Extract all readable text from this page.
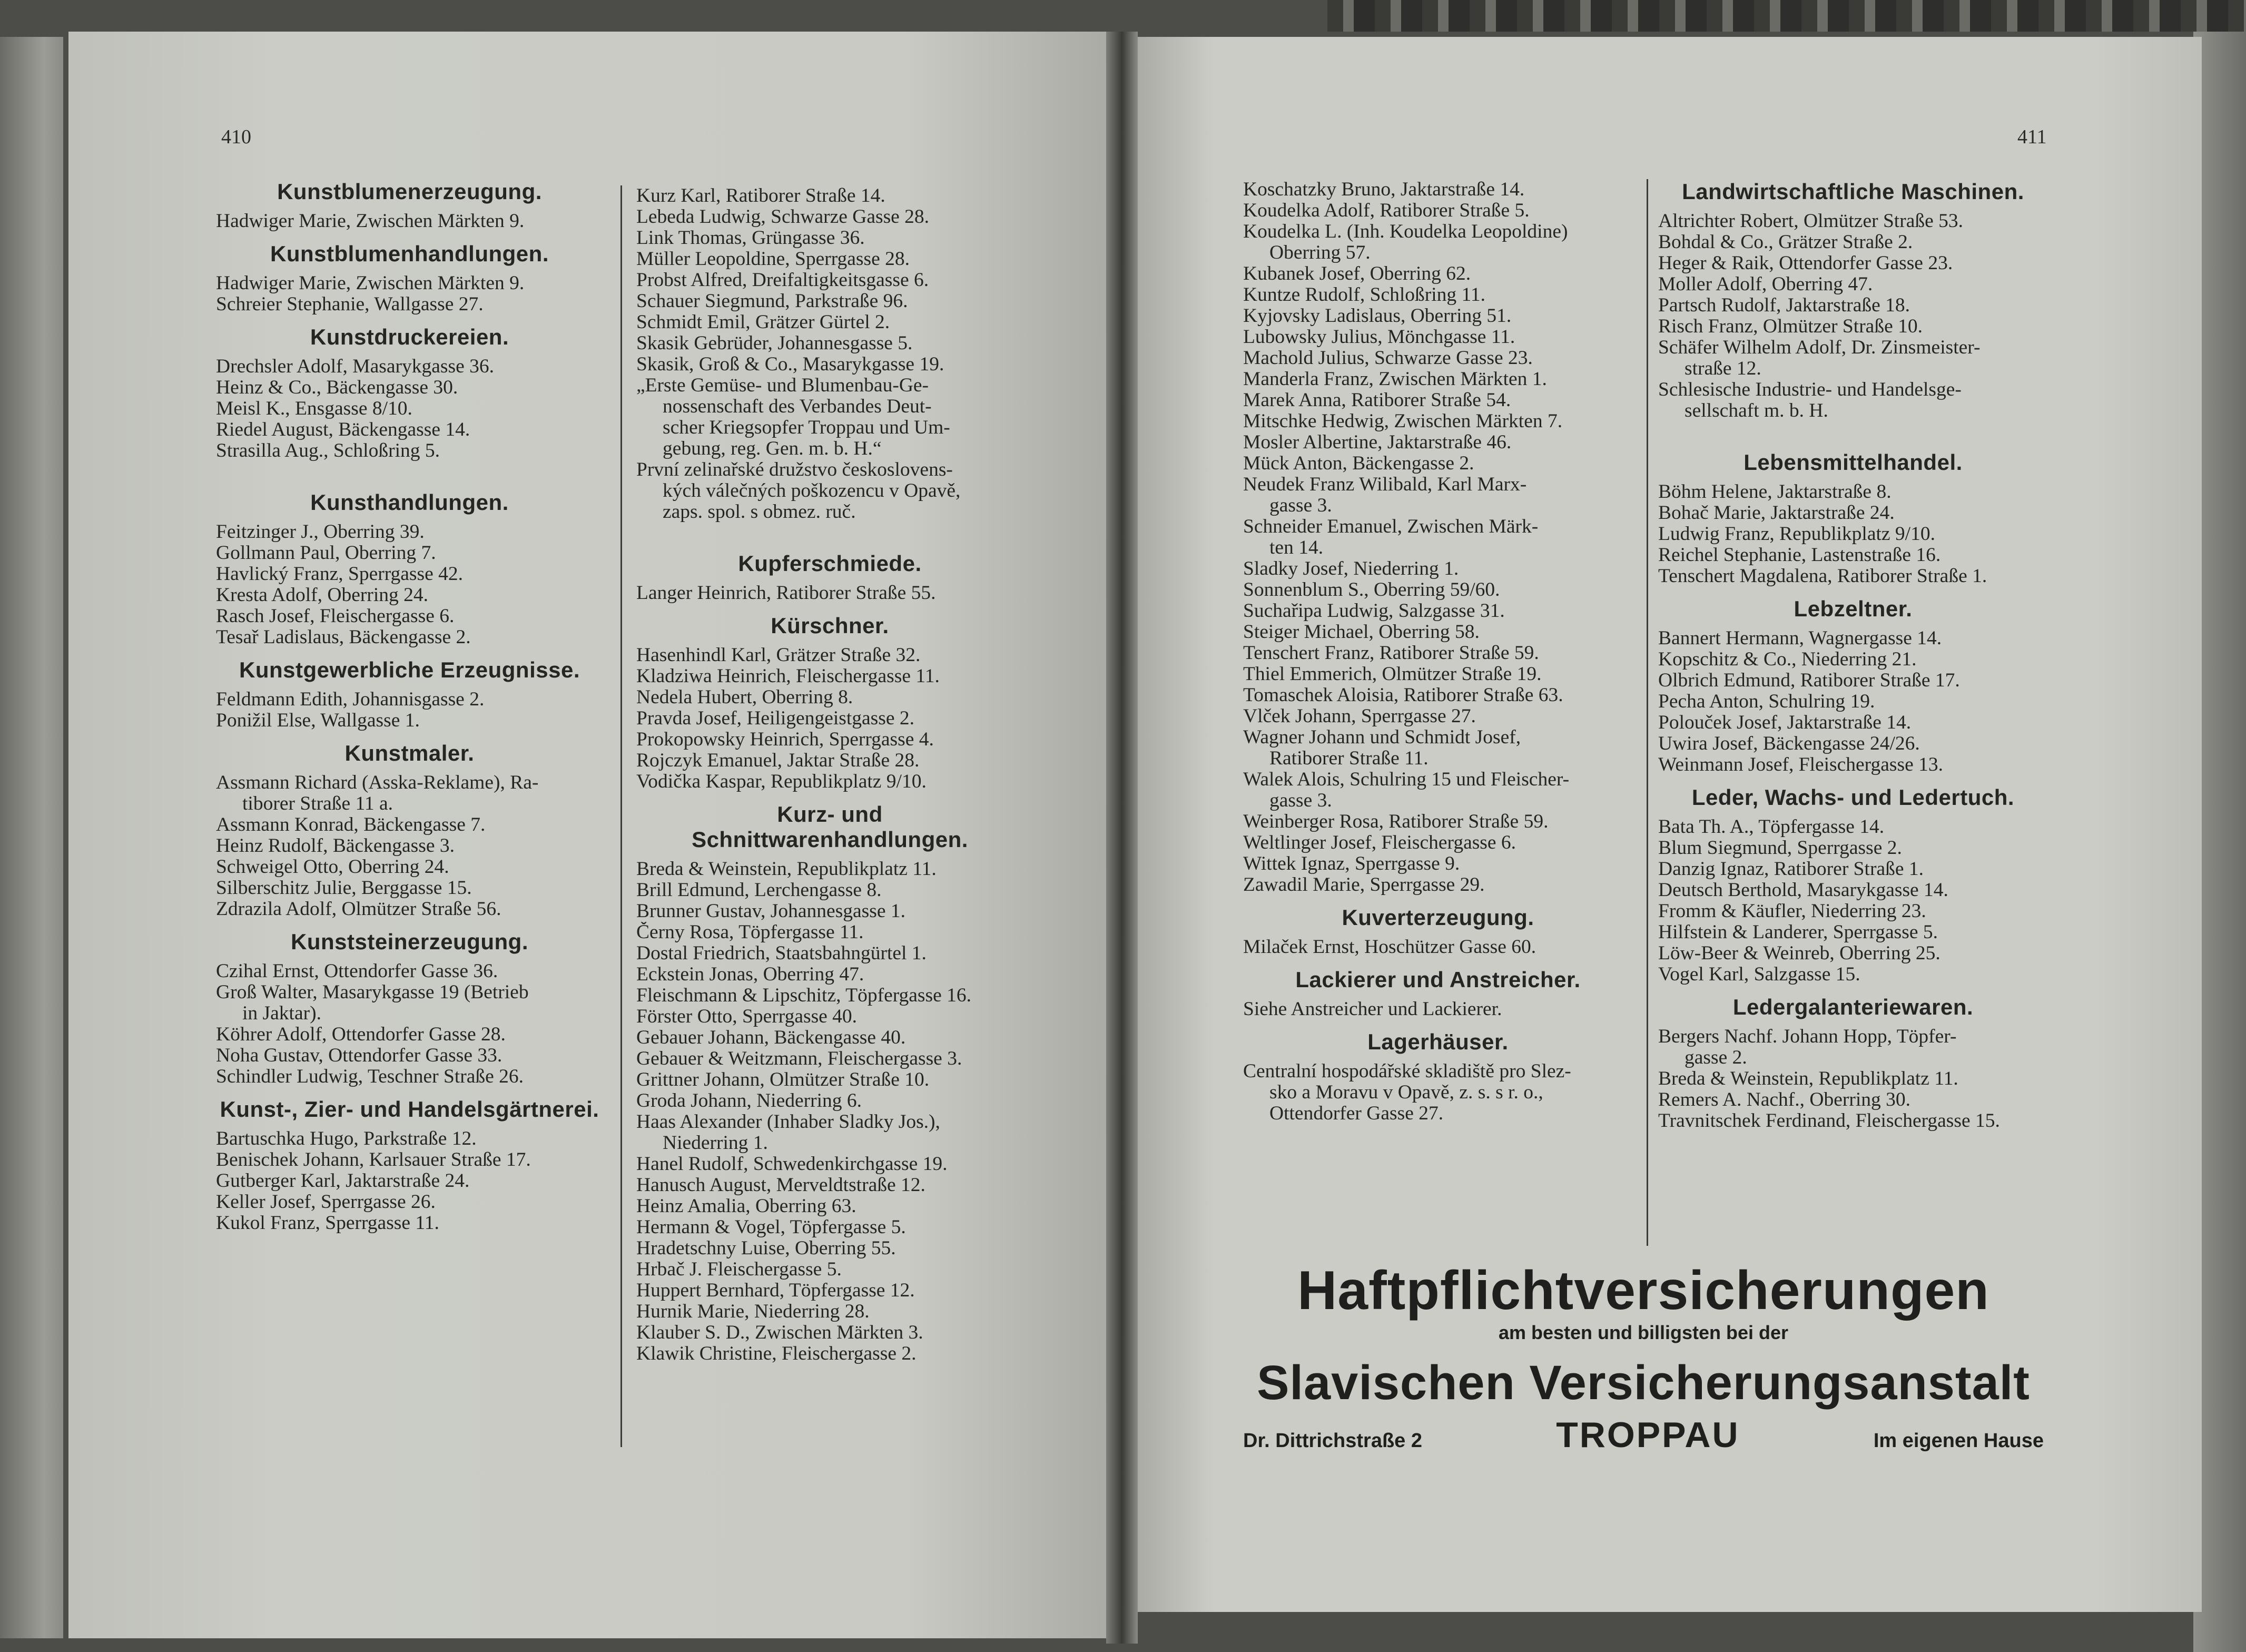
410	411
Kunstblumenerzeugung.
Hadwiger Marie, Zwischen Märkten 9.
Kunstblumenhandlungen.
Hadwiger Marie, Zwischen Märkten 9.
Schreier Stephanie, Wallgasse 27.
Kunstdruckereien.
Drechsler Adolf, Masarykgasse 36.
Heinz & Co., Bäckengasse 30.
Meisl K., Ensgasse 8/10.
Riedel August, Bäckengasse 14.
Strasilla Aug., Schloßring 5.
Kunsthandlungen.
Feitzinger J., Oberring 39.
Gollmann Paul, Oberring 7.
Havlický Franz, Sperrgasse 42.
Kresta Adolf, Oberring 24.
Rasch Josef, Fleischergasse 6.
Tesař Ladislaus, Bäckengasse 2.
Kunstgewerbliche Erzeugnisse.
Feldmann Edith, Johannisgasse 2.
Ponižil Else, Wallgasse 1.
Kunstmaler.
Assmann Richard (Asska-Reklame), Ra-
tiborer Straße 11 a.
Assmann Konrad, Bäckengasse 7.
Heinz Rudolf, Bäckengasse 3.
Schweigel Otto, Oberring 24.
Silberschitz Julie, Berggasse 15.
Zdrazila Adolf, Olmützer Straße 56.
Kunststeinerzeugung.
Czihal Ernst, Ottendorfer Gasse 36.
Groß Walter, Masarykgasse 19 (Betrieb
in Jaktar).
Köhrer Adolf, Ottendorfer Gasse 28.
Noha Gustav, Ottendorfer Gasse 33.
Schindler Ludwig, Teschner Straße 26.
Kunst-, Zier- und Handelsgärtnerei.
Bartuschka Hugo, Parkstraße 12.
Benischek Johann, Karlsauer Straße 17.
Gutberger Karl, Jaktarstraße 24.
Keller Josef, Sperrgasse 26.
Kukol Franz, Sperrgasse 11.
Kurz Karl, Ratiborer Straße 14.
Lebeda Ludwig, Schwarze Gasse 28.
Link Thomas, Grüngasse 36.
Müller Leopoldine, Sperrgasse 28.
Probst Alfred, Dreifaltigkeitsgasse 6.
Schauer Siegmund, Parkstraße 96.
Schmidt Emil, Grätzer Gürtel 2.
Skasik Gebrüder, Johannesgasse 5.
Skasik, Groß & Co., Masarykgasse 19.
„Erste Gemüse- und Blumenbau-Ge-
nossenschaft des Verbandes Deut-
scher Kriegsopfer Troppau und Um-
gebung, reg. Gen. m. b. H.“
První zelinařské družstvo českoslovens-
kých válečných poškozencu v Opavě,
zaps. spol. s obmez. ruč.
Kupferschmiede.
Langer Heinrich, Ratiborer Straße 55.
Kürschner.
Hasenhindl Karl, Grätzer Straße 32.
Kladziwa Heinrich, Fleischergasse 11.
Nedela Hubert, Oberring 8.
Pravda Josef, Heiligengeistgasse 2.
Prokopowsky Heinrich, Sperrgasse 4.
Rojczyk Emanuel, Jaktar Straße 28.
Vodička Kaspar, Republikplatz 9/10.
Kurz- und Schnittwarenhandlungen.
Breda & Weinstein, Republikplatz 11.
Brill Edmund, Lerchengasse 8.
Brunner Gustav, Johannesgasse 1.
Černy Rosa, Töpfergasse 11.
Dostal Friedrich, Staatsbahngürtel 1.
Eckstein Jonas, Oberring 47.
Fleischmann & Lipschitz, Töpfergasse 16.
Förster Otto, Sperrgasse 40.
Gebauer Johann, Bäckengasse 40.
Gebauer & Weitzmann, Fleischergasse 3.
Grittner Johann, Olmützer Straße 10.
Groda Johann, Niederring 6.
Haas Alexander (Inhaber Sladky Jos.),
Niederring 1.
Hanel Rudolf, Schwedenkirchgasse 19.
Hanusch August, Merveldtstraße 12.
Heinz Amalia, Oberring 63.
Hermann & Vogel, Töpfergasse 5.
Hradetschny Luise, Oberring 55.
Hrbač J. Fleischergasse 5.
Huppert Bernhard, Töpfergasse 12.
Hurnik Marie, Niederring 28.
Klauber S. D., Zwischen Märkten 3.
Klawik Christine, Fleischergasse 2.
Koschatzky Bruno, Jaktarstraße 14.
Koudelka Adolf, Ratiborer Straße 5.
Koudelka L. (Inh. Koudelka Leopoldine)
Oberring 57.
Kubanek Josef, Oberring 62.
Kuntze Rudolf, Schloßring 11.
Kyjovsky Ladislaus, Oberring 51.
Lubowsky Julius, Mönchgasse 11.
Machold Julius, Schwarze Gasse 23.
Manderla Franz, Zwischen Märkten 1.
Marek Anna, Ratiborer Straße 54.
Mitschke Hedwig, Zwischen Märkten 7.
Mosler Albertine, Jaktarstraße 46.
Mück Anton, Bäckengasse 2.
Neudek Franz Wilibald, Karl Marx-
gasse 3.
Schneider Emanuel, Zwischen Märk-
ten 14.
Sladky Josef, Niederring 1.
Sonnenblum S., Oberring 59/60.
Suchařipa Ludwig, Salzgasse 31.
Steiger Michael, Oberring 58.
Tenschert Franz, Ratiborer Straße 59.
Thiel Emmerich, Olmützer Straße 19.
Tomaschek Aloisia, Ratiborer Straße 63.
Vlček Johann, Sperrgasse 27.
Wagner Johann und Schmidt Josef,
Ratiborer Straße 11.
Walek Alois, Schulring 15 und Fleischer-
gasse 3.
Weinberger Rosa, Ratiborer Straße 59.
Weltlinger Josef, Fleischergasse 6.
Wittek Ignaz, Sperrgasse 9.
Zawadil Marie, Sperrgasse 29.
Kuverterzeugung.
Milaček Ernst, Hoschützer Gasse 60.
Lackierer und Anstreicher.
Siehe Anstreicher und Lackierer.
Lagerhäuser.
Centralní hospodářské skladiště pro Slez-
sko a Moravu v Opavě, z. s. s r. o.,
Ottendorfer Gasse 27.
Landwirtschaftliche Maschinen.
Altrichter Robert, Olmützer Straße 53.
Bohdal & Co., Grätzer Straße 2.
Heger & Raik, Ottendorfer Gasse 23.
Moller Adolf, Oberring 47.
Partsch Rudolf, Jaktarstraße 18.
Risch Franz, Olmützer Straße 10.
Schäfer Wilhelm Adolf, Dr. Zinsmeister-
straße 12.
Schlesische Industrie- und Handelsge-
sellschaft m. b. H.
Lebensmittelhandel.
Böhm Helene, Jaktarstraße 8.
Bohač Marie, Jaktarstraße 24.
Ludwig Franz, Republikplatz 9/10.
Reichel Stephanie, Lastenstraße 16.
Tenschert Magdalena, Ratiborer Straße 1.
Lebzeltner.
Bannert Hermann, Wagnergasse 14.
Kopschitz & Co., Niederring 21.
Olbrich Edmund, Ratiborer Straße 17.
Pecha Anton, Schulring 19.
Polouček Josef, Jaktarstraße 14.
Uwira Josef, Bäckengasse 24/26.
Weinmann Josef, Fleischergasse 13.
Leder, Wachs- und Ledertuch.
Bata Th. A., Töpfergasse 14.
Blum Siegmund, Sperrgasse 2.
Danzig Ignaz, Ratiborer Straße 1.
Deutsch Berthold, Masarykgasse 14.
Fromm & Käufler, Niederring 23.
Hilfstein & Landerer, Sperrgasse 5.
Löw-Beer & Weinreb, Oberring 25.
Vogel Karl, Salzgasse 15.
Ledergalanteriewaren.
Bergers Nachf. Johann Hopp, Töpfer-
gasse 2.
Breda & Weinstein, Republikplatz 11.
Remers A. Nachf., Oberring 30.
Travnitschek Ferdinand, Fleischergasse 15.
Haftpflichtversicherungen
am besten und billigsten bei der
Slavischen Versicherungsanstalt
Dr. Dittrichstraße 2	TROPPAU	Im eigenen Hause
